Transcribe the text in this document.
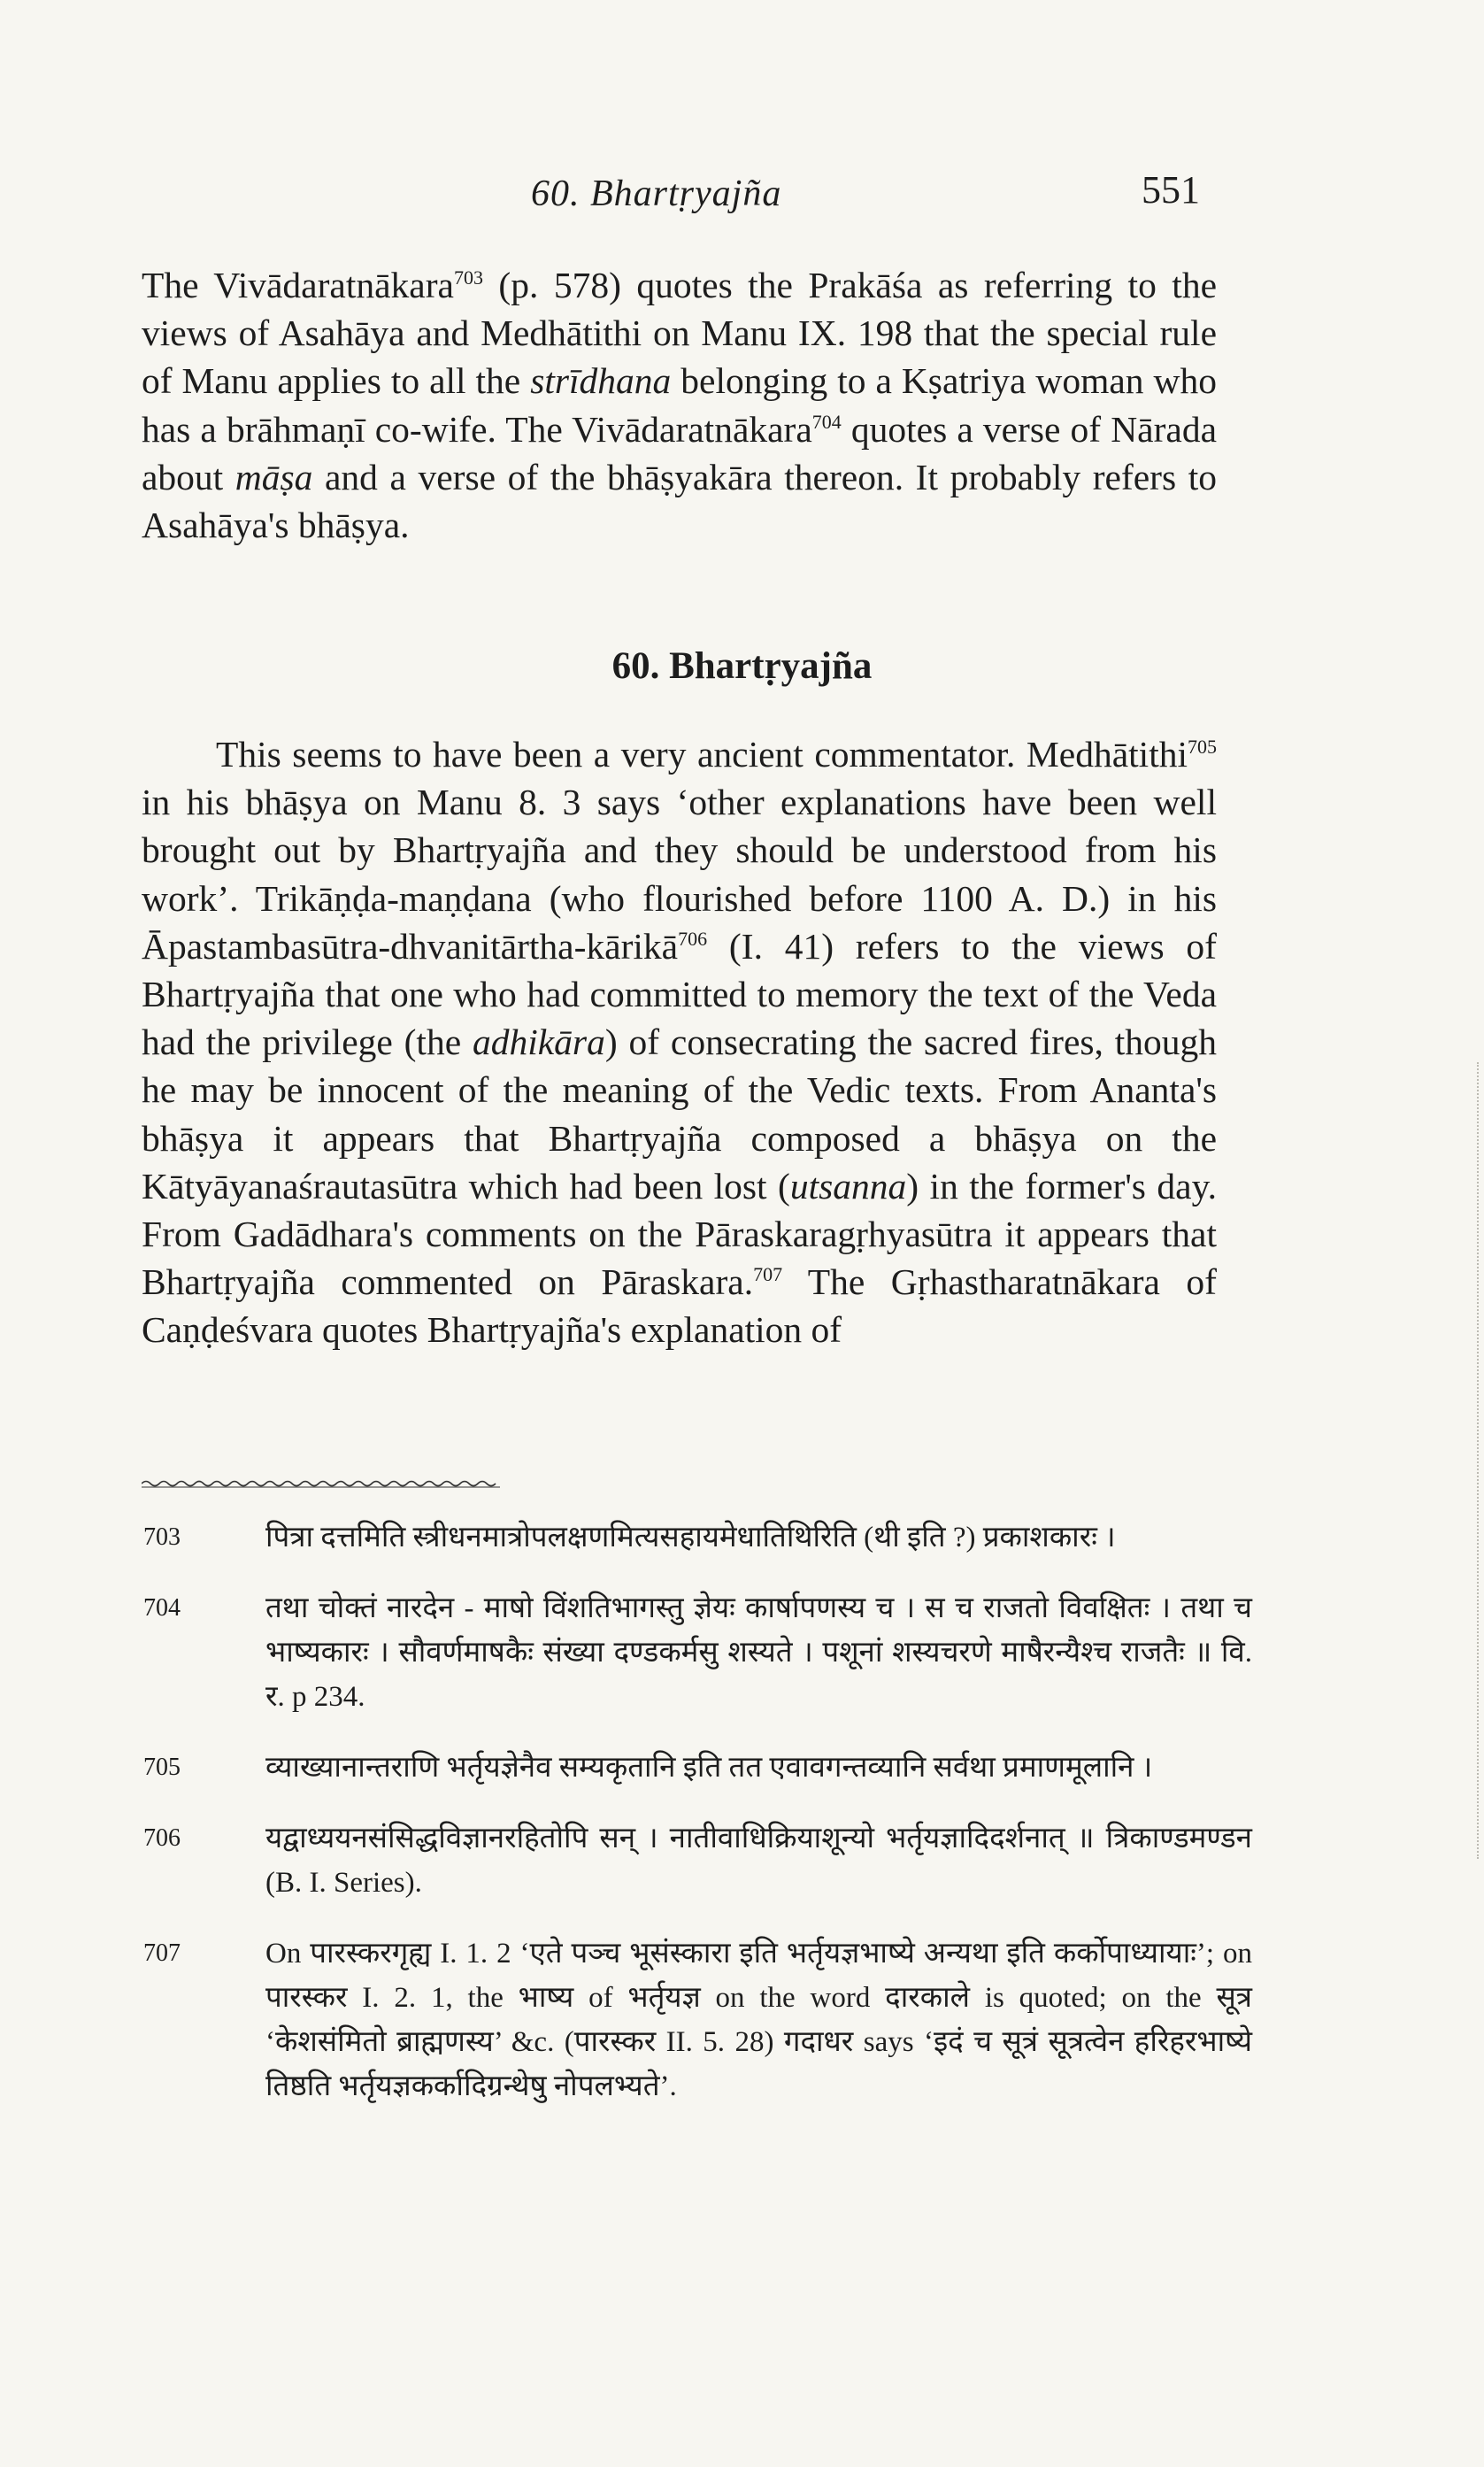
60. Bhartṛyajña	551

The Vivādaratnākara$^{703}$ (p. 578) quotes the Prakāśa as referring to the views of Asahāya and Medhātithi on Manu IX. 198 that the special rule of Manu applies to all the strīdhana belonging to a Kṣatriya woman who has a brāhmaṇī co-wife. The Vivādaratnākara$^{704}$ quotes a verse of Nārada about māṣa and a verse of the bhāṣyakāra thereon. It probably refers to Asahāya's bhāṣya.

60. Bhartṛyajña

This seems to have been a very ancient commentator. Medhātithi$^{705}$ in his bhāṣya on Manu 8. 3 says ‘other explanations have been well brought out by Bhartṛyajña and they should be understood from his work’. Trikāṇḍa-maṇḍana (who flourished before 1100 A. D.) in his Āpastambasūtra-dhvanitārtha-kārikā$^{706}$ (I. 41) refers to the views of Bhartṛyajña that one who had committed to memory the text of the Veda had the privilege (the adhikāra) of consecrating the sacred fires, though he may be innocent of the meaning of the Vedic texts. From Ananta's bhāṣya it appears that Bhartṛyajña composed a bhāṣya on the Kātyāyanaśrautasūtra which had been lost (utsanna) in the former's day. From Gadādhara's comments on the Pāraskaragṛhyasūtra it appears that Bhartṛyajña commented on Pāraskara.$^{707}$ The Gṛhastharatnākara of Caṇḍeśvara quotes Bhartṛyajña's explanation of

703	पित्रा दत्तमिति स्त्रीधनमात्रोपलक्षणमित्यसहायमेधातिथिरिति (थी इति ?) प्रकाशकारः ।
704	तथा चोक्तं नारदेन - माषो विंशतिभागस्तु ज्ञेयः कार्षापणस्य च । स च राजतो विवक्षितः । तथा च भाष्यकारः । सौवर्णमाषकैः संख्या दण्डकर्मसु शस्यते । पशूनां शस्यचरणे माषैरन्यैश्च राजतैः ॥ वि. र. p 234.
705	व्याख्यानान्तराणि भर्तृयज्ञेनैव सम्यकृतानि इति तत एवावगन्तव्यानि सर्वथा प्रमाणमूलानि ।
706	यद्वाध्ययनसंसिद्धविज्ञानरहितोपि सन् । नातीवाधिक्रियाशून्यो भर्तृयज्ञादिदर्शनात् ॥ त्रिकाण्डमण्डन (B. I. Series).
707	On पारस्करगृह्य I. 1. 2 ‘एते पञ्च भूसंस्कारा इति भर्तृयज्ञभाष्ये अन्यथा इति कर्कोपाध्यायाः’; on पारस्कर I. 2. 1, the भाष्य of भर्तृयज्ञ on the word दारकाले is quoted; on the सूत्र ‘केशसंमितो ब्राह्मणस्य’ &c. (पारस्कर II. 5. 28) गदाधर says ‘इदं च सूत्रं सूत्रत्वेन हरिहरभाष्ये तिष्ठति भर्तृयज्ञकर्कादिग्रन्थेषु नोपलभ्यते’.
